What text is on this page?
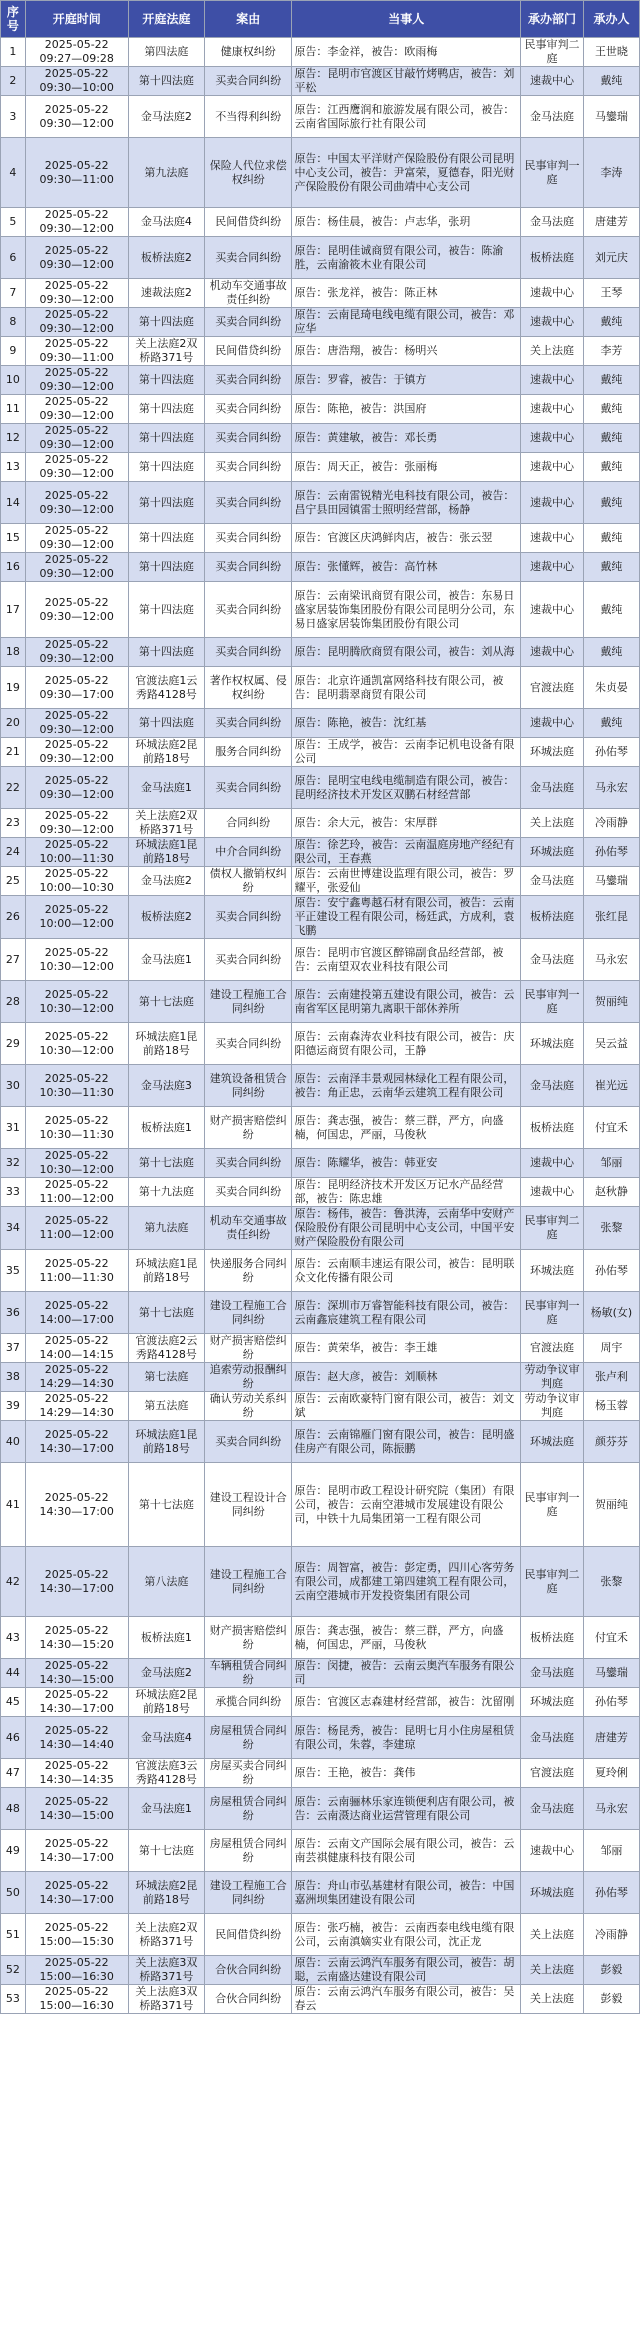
序号	开庭时间	开庭法庭	案由	当事人	承办部门	承办人
1	2025-05-22 09:27—09:28	第四法庭	健康权纠纷	原告：李金祥，被告：欧雨梅	民事审判二庭	王世晓
2	2025-05-22 09:30—10:00	第十四法庭	买卖合同纠纷	原告：昆明市官渡区甘敲竹烤鸭店，被告：刘平松	速裁中心	戴纯
3	2025-05-22 09:30—12:00	金马法庭2	不当得利纠纷	原告：江西鹰润和旅游发展有限公司，被告：云南省国际旅行社有限公司	金马法庭	马鑾瑞
4	2025-05-22 09:30—11:00	第九法庭	保险人代位求偿权纠纷	原告：中国太平洋财产保险股份有限公司昆明中心支公司，被告：尹富荣，夏德春，阳光财产保险股份有限公司曲靖中心支公司	民事审判一庭	李涛
5	2025-05-22 09:30—12:00	金马法庭4	民间借贷纠纷	原告：杨佳晨，被告：卢志华，张玥	金马法庭	唐建芳
6	2025-05-22 09:30—12:00	板桥法庭2	买卖合同纠纷	原告：昆明佳诚商贸有限公司，被告：陈渝胜，云南渝筱木业有限公司	板桥法庭	刘元庆
7	2025-05-22 09:30—12:00	速裁法庭2	机动车交通事故责任纠纷	原告：张龙祥，被告：陈正林	速裁中心	王琴
8	2025-05-22 09:30—12:00	第十四法庭	买卖合同纠纷	原告：云南昆琦电线电缆有限公司，被告：邓应华	速裁中心	戴纯
9	2025-05-22 09:30—11:00	关上法庭2双桥路371号	民间借贷纠纷	原告：唐浩翔，被告：杨明兴	关上法庭	李芳
10	2025-05-22 09:30—12:00	第十四法庭	买卖合同纠纷	原告：罗睿，被告：于镇方	速裁中心	戴纯
11	2025-05-22 09:30—12:00	第十四法庭	买卖合同纠纷	原告：陈艳，被告：洪国府	速裁中心	戴纯
12	2025-05-22 09:30—12:00	第十四法庭	买卖合同纠纷	原告：黄建敏，被告：邓长勇	速裁中心	戴纯
13	2025-05-22 09:30—12:00	第十四法庭	买卖合同纠纷	原告：周天正，被告：张丽梅	速裁中心	戴纯
14	2025-05-22 09:30—12:00	第十四法庭	买卖合同纠纷	原告：云南雷锐精光电科技有限公司，被告：昌宁县田园镇雷士照明经营部，杨静	速裁中心	戴纯
15	2025-05-22 09:30—12:00	第十四法庭	买卖合同纠纷	原告：官渡区庆鸿鲜肉店，被告：张云翌	速裁中心	戴纯
16	2025-05-22 09:30—12:00	第十四法庭	买卖合同纠纷	原告：张懂辉，被告：高竹林	速裁中心	戴纯
17	2025-05-22 09:30—12:00	第十四法庭	买卖合同纠纷	原告：云南梁讯商贸有限公司，被告：东易日盛家居装饰集团股份有限公司昆明分公司，东易日盛家居装饰集团股份有限公司	速裁中心	戴纯
18	2025-05-22 09:30—12:00	第十四法庭	买卖合同纠纷	原告：昆明腾欣商贸有限公司，被告：刘从海	速裁中心	戴纯
19	2025-05-22 09:30—17:00	官渡法庭1云秀路4128号	著作权权属、侵权纠纷	原告：北京许通凯富网络科技有限公司，被告：昆明翡翠商贸有限公司	官渡法庭	朱贞晏
20	2025-05-22 09:30—12:00	第十四法庭	买卖合同纠纷	原告：陈艳，被告：沈红基	速裁中心	戴纯
21	2025-05-22 09:30—12:00	环城法庭2昆前路18号	服务合同纠纷	原告：王成学，被告：云南李记机电设备有限公司	环城法庭	孙佑琴
22	2025-05-22 09:30—12:00	金马法庭1	买卖合同纠纷	原告：昆明宝电线电缆制造有限公司，被告：昆明经济技术开发区双鹏石材经营部	金马法庭	马永宏
23	2025-05-22 09:30—12:00	关上法庭2双桥路371号	合同纠纷	原告：余大元，被告：宋厚群	关上法庭	冷雨静
24	2025-05-22 10:00—11:30	环城法庭1昆前路18号	中介合同纠纷	原告：徐艺玲，被告：云南温庭房地产经纪有限公司，王春燕	环城法庭	孙佑琴
25	2025-05-22 10:00—10:30	金马法庭2	债权人撤销权纠纷	原告：云南世博建设监理有限公司，被告：罗耀平，张爱仙	金马法庭	马鑾瑞
26	2025-05-22 10:00—12:00	板桥法庭2	买卖合同纠纷	原告：安宁鑫粤越石材有限公司，被告：云南平正建设工程有限公司，杨廷武，方成利，袁飞鹏	板桥法庭	张红昆
27	2025-05-22 10:30—12:00	金马法庭1	买卖合同纠纷	原告：昆明市官渡区醉锦副食品经营部，被告：云南望双农业科技有限公司	金马法庭	马永宏
28	2025-05-22 10:30—12:00	第十七法庭	建设工程施工合同纠纷	原告：云南建投第五建设有限公司，被告：云南省军区昆明第九离职干部休养所	民事审判一庭	贺丽纯
29	2025-05-22 10:30—12:00	环城法庭1昆前路18号	买卖合同纠纷	原告：云南森涛农业科技有限公司，被告：庆阳德运商贸有限公司，王静	环城法庭	吴云益
30	2025-05-22 10:30—11:30	金马法庭3	建筑设备租赁合同纠纷	原告：云南泽丰景观园林绿化工程有限公司，被告：角正忠，云南华云建筑工程有限公司	金马法庭	崔光远
31	2025-05-22 10:30—11:30	板桥法庭1	财产损害赔偿纠纷	原告：龚志强，被告：蔡三群，严方，向盛楠，何国忠，严丽，马俊秋	板桥法庭	付宜禾
32	2025-05-22 10:30—12:00	第十七法庭	买卖合同纠纷	原告：陈耀华，被告：韩亚安	速裁中心	邹丽
33	2025-05-22 11:00—12:00	第十九法庭	买卖合同纠纷	原告：昆明经济技术开发区万记水产品经营部，被告：陈忠雄	速裁中心	赵秋静
34	2025-05-22 11:00—12:00	第九法庭	机动车交通事故责任纠纷	原告：杨伟，被告：鲁洪涛，云南华中安财产保险股份有限公司昆明中心支公司，中国平安财产保险股份有限公司	民事审判二庭	张黎
35	2025-05-22 11:00—11:30	环城法庭1昆前路18号	快递服务合同纠纷	原告：云南顺丰速运有限公司，被告：昆明联众文化传播有限公司	环城法庭	孙佑琴
36	2025-05-22 14:00—17:00	第十七法庭	建设工程施工合同纠纷	原告：深圳市万睿智能科技有限公司，被告：云南鑫宸建筑工程有限公司	民事审判一庭	杨敏(女)
37	2025-05-22 14:00—14:15	官渡法庭2云秀路4128号	财产损害赔偿纠纷	原告：黄荣华，被告：李王雄	官渡法庭	周宇
38	2025-05-22 14:29—14:30	第七法庭	追索劳动报酬纠纷	原告：赵大彦，被告：刘顺林	劳动争议审判庭	张卢利
39	2025-05-22 14:29—14:30	第五法庭	确认劳动关系纠纷	原告：云南欧豪特门窗有限公司，被告：刘文斌	劳动争议审判庭	杨玉蓉
40	2025-05-22 14:30—17:00	环城法庭1昆前路18号	买卖合同纠纷	原告：云南锦雁门窗有限公司，被告：昆明盛佳房产有限公司，陈振鹏	环城法庭	颜芬芬
41	2025-05-22 14:30—17:00	第十七法庭	建设工程设计合同纠纷	原告：昆明市政工程设计研究院（集团）有限公司，被告：云南空港城市发展建设有限公司，中铁十九局集团第一工程有限公司	民事审判一庭	贺丽纯
42	2025-05-22 14:30—17:00	第八法庭	建设工程施工合同纠纷	原告：周智富，被告：彭定勇，四川心客劳务有限公司，成都建工第四建筑工程有限公司，云南空港城市开发投资集团有限公司	民事审判二庭	张黎
43	2025-05-22 14:30—15:20	板桥法庭1	财产损害赔偿纠纷	原告：龚志强，被告：蔡三群，严方，向盛楠，何国忠，严丽，马俊秋	板桥法庭	付宜禾
44	2025-05-22 14:30—15:00	金马法庭2	车辆租赁合同纠纷	原告：闵捷，被告：云南云奥汽车服务有限公司	金马法庭	马鑾瑞
45	2025-05-22 14:30—17:00	环城法庭2昆前路18号	承揽合同纠纷	原告：官渡区志森建材经营部，被告：沈留刚	环城法庭	孙佑琴
46	2025-05-22 14:30—14:40	金马法庭4	房屋租赁合同纠纷	原告：杨昆秀，被告：昆明七月小住房屋租赁有限公司，朱蓉，李建琼	金马法庭	唐建芳
47	2025-05-22 14:30—14:35	官渡法庭3云秀路4128号	房屋买卖合同纠纷	原告：王艳，被告：龚伟	官渡法庭	夏玲俐
48	2025-05-22 14:30—15:00	金马法庭1	房屋租赁合同纠纷	原告：云南骊林乐家连锁便利店有限公司，被告：云南滠达商业运营管理有限公司	金马法庭	马永宏
49	2025-05-22 14:30—17:00	第十七法庭	房屋租赁合同纠纷	原告：云南文产国际会展有限公司，被告：云南芸祺健康科技有限公司	速裁中心	邹丽
50	2025-05-22 14:30—17:00	环城法庭2昆前路18号	建设工程施工合同纠纷	原告：舟山市弘基建材有限公司，被告：中国嘉洲坝集团建设有限公司	环城法庭	孙佑琴
51	2025-05-22 15:00—15:30	关上法庭2双桥路371号	民间借贷纠纷	原告：张巧楠，被告：云南西泰电线电缆有限公司，云南滇嫡实业有限公司，沈正龙	关上法庭	冷雨静
52	2025-05-22 15:00—16:30	关上法庭3双桥路371号	合伙合同纠纷	原告：云南云鸿汽车服务有限公司，被告：胡聪，云南盛达建设有限公司	关上法庭	彭毅
53	2025-05-22 15:00—16:30	关上法庭3双桥路371号	合伙合同纠纷	原告：云南云鸿汽车服务有限公司，被告：吴春云	关上法庭	彭毅
